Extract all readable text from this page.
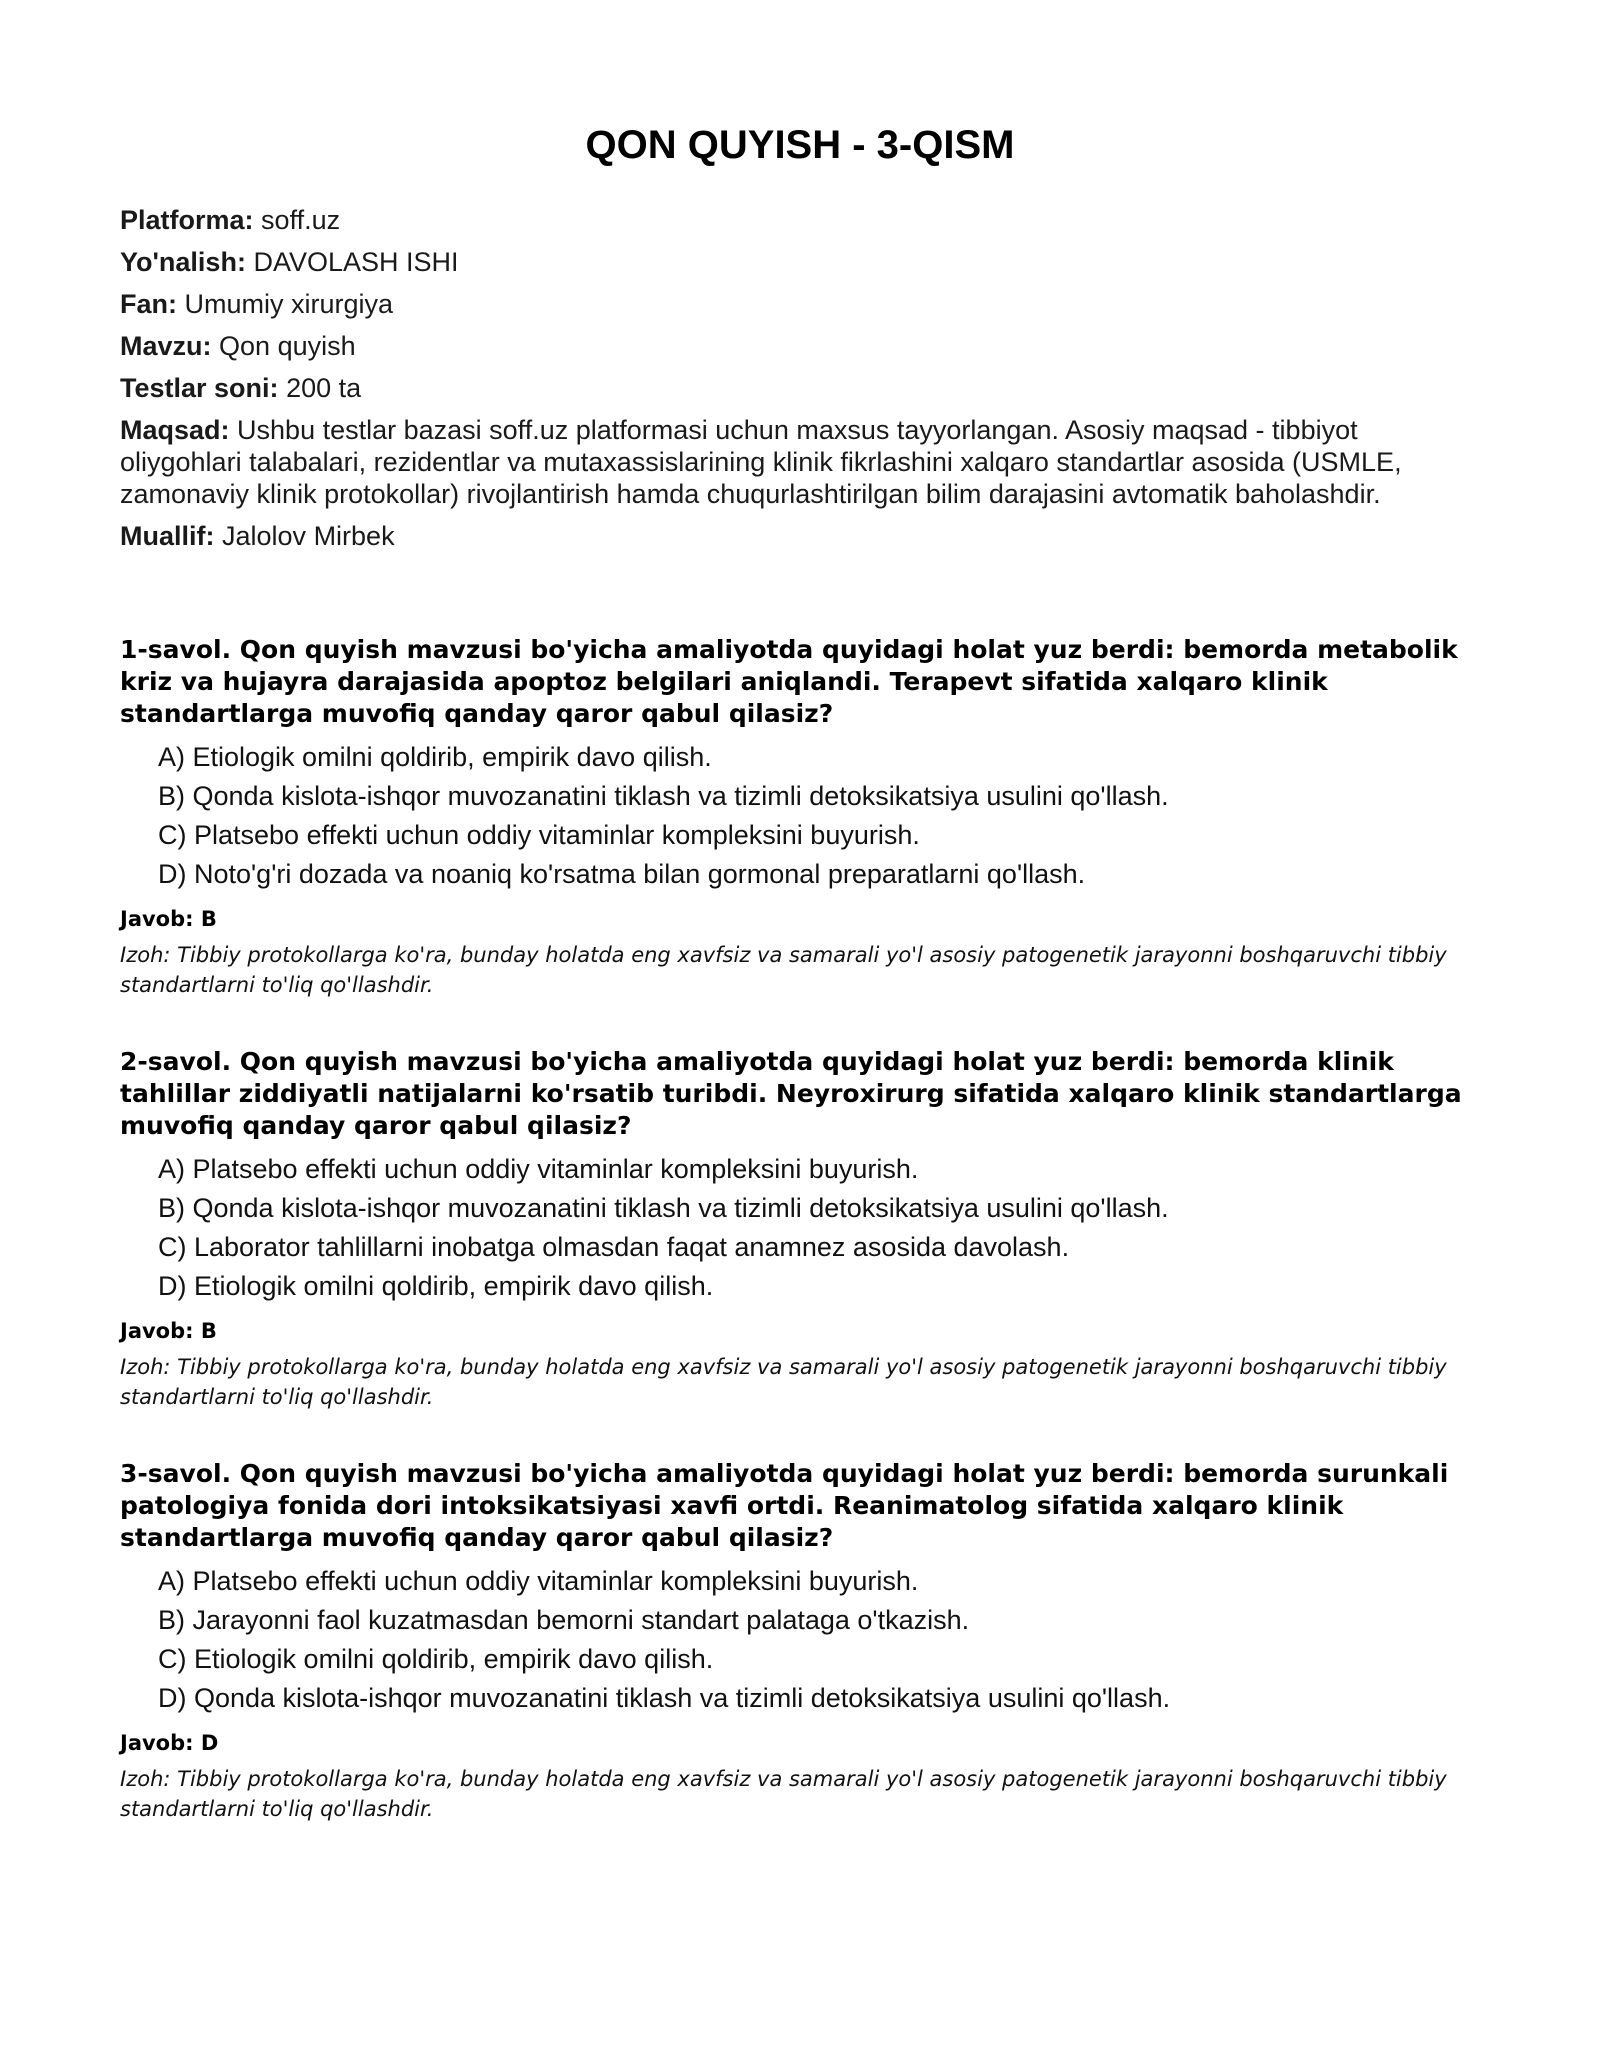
QON QUYISH - 3-QISM

Platforma: soff.uz

Yo'nalish: DAVOLASH ISHI

Fan: Umumiy xirurgiya

Mavzu: Qon quyish

Testlar soni: 200 ta

Maqsad: Ushbu testlar bazasi soff.uz platformasi uchun maxsus tayyorlangan. Asosiy maqsad - tibbiyot oliygohlari talabalari, rezidentlar va mutaxassislarining klinik fikrlashini xalqaro standartlar asosida (USMLE, zamonaviy klinik protokollar) rivojlantirish hamda chuqurlashtirilgan bilim darajasini avtomatik baholashdir.

Muallif: Jalolov Mirbek

1-savol. Qon quyish mavzusi bo'yicha amaliyotda quyidagi holat yuz berdi: bemorda metabolik kriz va hujayra darajasida apoptoz belgilari aniqlandi. Terapevt sifatida xalqaro klinik standartlarga muvofiq qanday qaror qabul qilasiz?

A) Etiologik omilni qoldirib, empirik davo qilish.

B) Qonda kislota-ishqor muvozanatini tiklash va tizimli detoksikatsiya usulini qo'llash.

C) Platsebo effekti uchun oddiy vitaminlar kompleksini buyurish.

D) Noto'g'ri dozada va noaniq ko'rsatma bilan gormonal preparatlarni qo'llash.

Javob: B

Izoh: Tibbiy protokollarga ko'ra, bunday holatda eng xavfsiz va samarali yo'l asosiy patogenetik jarayonni boshqaruvchi tibbiy standartlarni to'liq qo'llashdir.

2-savol. Qon quyish mavzusi bo'yicha amaliyotda quyidagi holat yuz berdi: bemorda klinik tahlillar ziddiyatli natijalarni ko'rsatib turibdi. Neyroxirurg sifatida xalqaro klinik standartlarga muvofiq qanday qaror qabul qilasiz?

A) Platsebo effekti uchun oddiy vitaminlar kompleksini buyurish.

B) Qonda kislota-ishqor muvozanatini tiklash va tizimli detoksikatsiya usulini qo'llash.

C) Laborator tahlillarni inobatga olmasdan faqat anamnez asosida davolash.

D) Etiologik omilni qoldirib, empirik davo qilish.

Javob: B

Izoh: Tibbiy protokollarga ko'ra, bunday holatda eng xavfsiz va samarali yo'l asosiy patogenetik jarayonni boshqaruvchi tibbiy standartlarni to'liq qo'llashdir.

3-savol. Qon quyish mavzusi bo'yicha amaliyotda quyidagi holat yuz berdi: bemorda surunkali patologiya fonida dori intoksikatsiyasi xavfi ortdi. Reanimatolog sifatida xalqaro klinik standartlarga muvofiq qanday qaror qabul qilasiz?

A) Platsebo effekti uchun oddiy vitaminlar kompleksini buyurish.

B) Jarayonni faol kuzatmasdan bemorni standart palataga o'tkazish.

C) Etiologik omilni qoldirib, empirik davo qilish.

D) Qonda kislota-ishqor muvozanatini tiklash va tizimli detoksikatsiya usulini qo'llash.

Javob: D

Izoh: Tibbiy protokollarga ko'ra, bunday holatda eng xavfsiz va samarali yo'l asosiy patogenetik jarayonni boshqaruvchi tibbiy standartlarni to'liq qo'llashdir.
